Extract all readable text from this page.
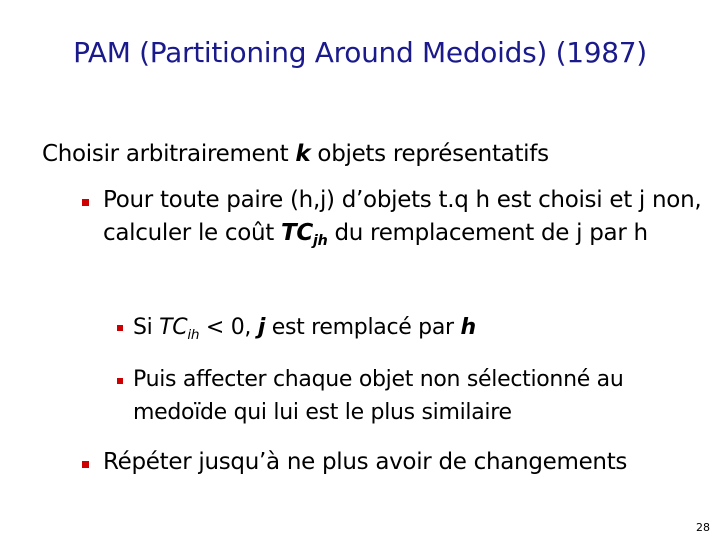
PAM (Partitioning Around Medoids) (1987)
Choisir arbitrairement k objets représentatifs
Pour toute paire (h,j) d’objets t.q h est choisi et j non, calculer le coût $TC_{jh}$ du remplacement de j par h
Si $TC_{ih} < 0$, j est remplacé par h
Puis affecter chaque objet non sélectionné au medoïde qui lui est le plus similaire
Répéter jusqu’à ne plus avoir de changements
28
